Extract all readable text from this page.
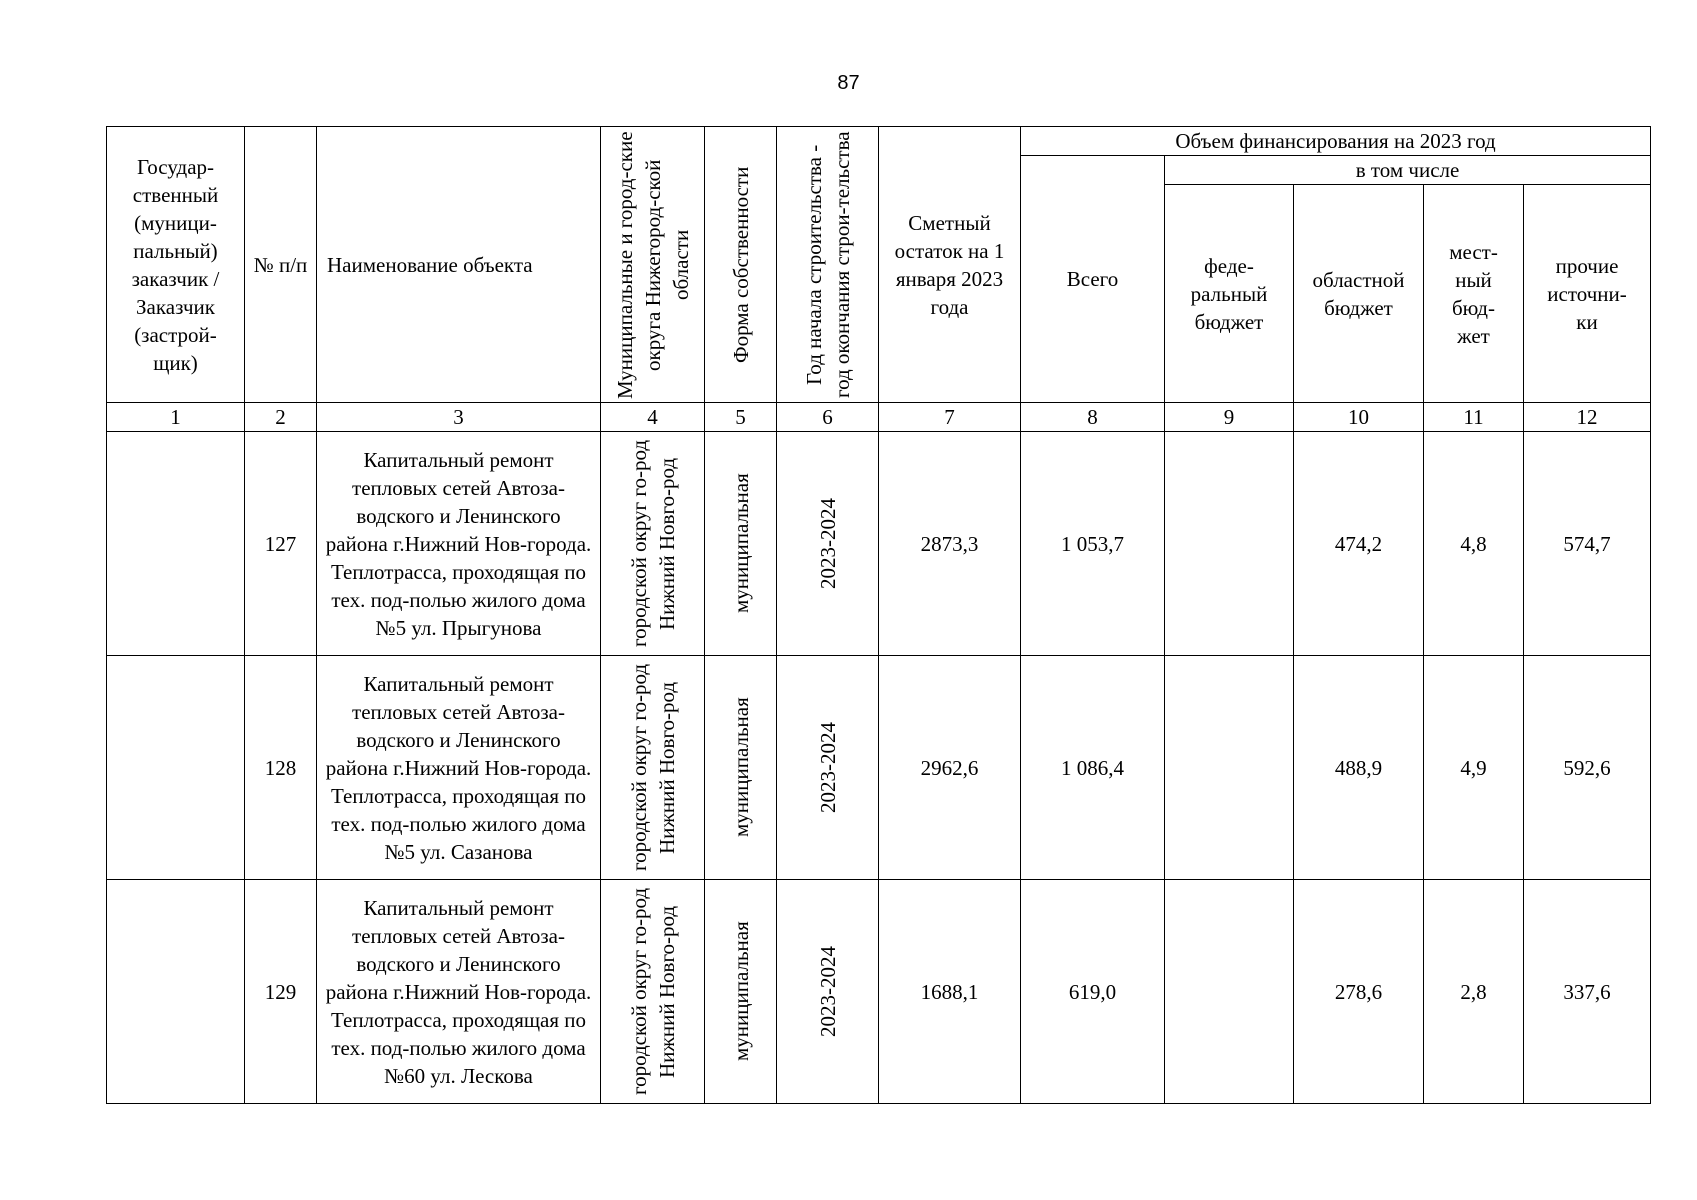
87
Государ-ственный (муници-пальный) заказчик / Заказчик (застрой-щик)	№ п/п	Наименование объекта	Муниципальные и город-ские округа Нижегород-ской области	Форма собственности	Год начала строительства - год окончания строи-тельства	Сметный остаток на 1 января 2023 года	Объем финансирования на 2023 год				
							Всего	в том числе			

								феде-ральный бюджет	областной бюджет	мест-ный бюд-жет	прочие источни-ки

1	2	3	4	5	6	7	8	9	10	11	12
	127	Капитальный ремонт тепловых сетей Автоза-водского и Ленинского района г.Нижний Нов-города. Теплотрасса, проходящая по тех. под-полью жилого дома №5 ул. Прыгунова	городской округ го-род Нижний Новго-род	муниципальная	2023-2024	2873,3	1 053,7		474,2	4,8	574,7
	128	Капитальный ремонт тепловых сетей Автоза-водского и Ленинского района г.Нижний Нов-города. Теплотрасса, проходящая по тех. под-полью жилого дома №5 ул. Сазанова	городской округ го-род Нижний Новго-род	муниципальная	2023-2024	2962,6	1 086,4		488,9	4,9	592,6
	129	Капитальный ремонт тепловых сетей Автоза-водского и Ленинского района г.Нижний Нов-города. Теплотрасса, проходящая по тех. под-полью жилого дома №60 ул. Лескова	городской округ го-род Нижний Новго-род	муниципальная	2023-2024	1688,1	619,0		278,6	2,8	337,6
